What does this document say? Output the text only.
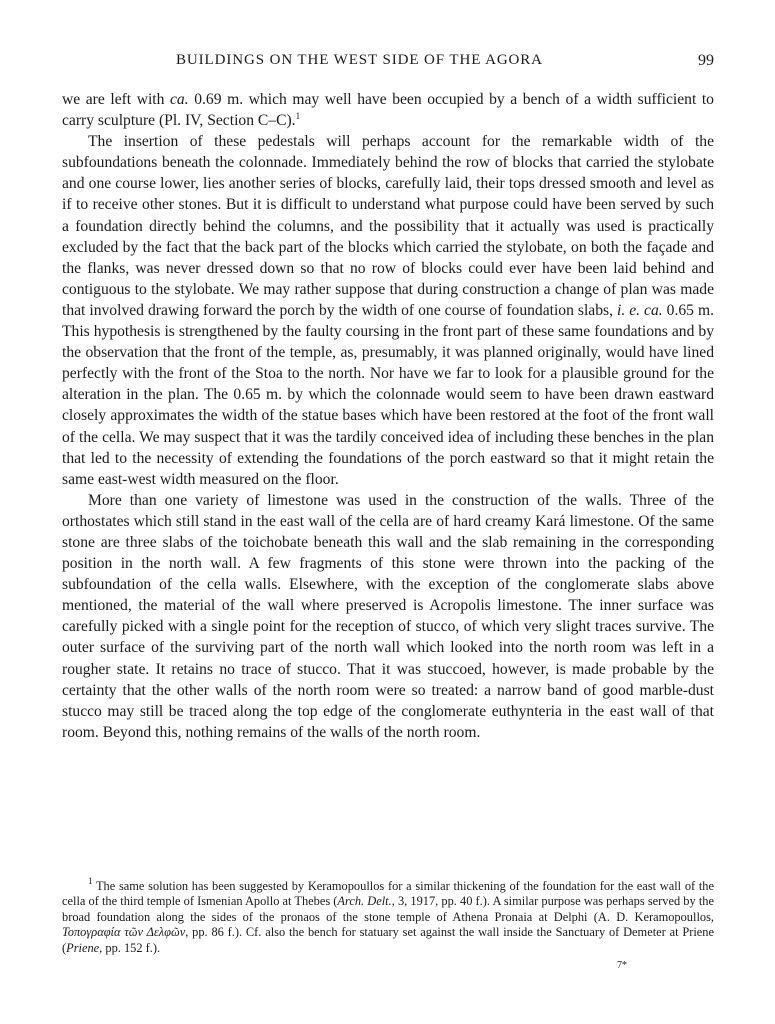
BUILDINGS ON THE WEST SIDE OF THE AGORA	99

we are left with ca. 0.69 m. which may well have been occupied by a bench of a width sufficient to carry sculpture (Pl. IV, Section C–C).$^1$

The insertion of these pedestals will perhaps account for the remarkable width of the subfoundations beneath the colonnade. Immediately behind the row of blocks that carried the stylobate and one course lower, lies another series of blocks, carefully laid, their tops dressed smooth and level as if to receive other stones. But it is difficult to understand what purpose could have been served by such a foundation directly behind the columns, and the possibility that it actually was used is practically excluded by the fact that the back part of the blocks which carried the stylobate, on both the façade and the flanks, was never dressed down so that no row of blocks could ever have been laid behind and contiguous to the stylobate. We may rather suppose that during construction a change of plan was made that involved drawing forward the porch by the width of one course of foundation slabs, i. e. ca. 0.65 m. This hypothesis is strengthened by the faulty coursing in the front part of these same foundations and by the observation that the front of the temple, as, presumably, it was planned originally, would have lined perfectly with the front of the Stoa to the north. Nor have we far to look for a plausible ground for the alteration in the plan. The 0.65 m. by which the colonnade would seem to have been drawn eastward closely approximates the width of the statue bases which have been restored at the foot of the front wall of the cella. We may suspect that it was the tardily conceived idea of including these benches in the plan that led to the necessity of extending the foundations of the porch eastward so that it might retain the same east-west width measured on the floor.

More than one variety of limestone was used in the construction of the walls. Three of the orthostates which still stand in the east wall of the cella are of hard creamy Kará limestone. Of the same stone are three slabs of the toichobate beneath this wall and the slab remaining in the corresponding position in the north wall. A few fragments of this stone were thrown into the packing of the subfoundation of the cella walls. Elsewhere, with the exception of the conglomerate slabs above mentioned, the material of the wall where preserved is Acropolis limestone. The inner surface was carefully picked with a single point for the reception of stucco, of which very slight traces survive. The outer surface of the surviving part of the north wall which looked into the north room was left in a rougher state. It retains no trace of stucco. That it was stuccoed, however, is made probable by the certainty that the other walls of the north room were so treated: a narrow band of good marble-dust stucco may still be traced along the top edge of the conglomerate euthynteria in the east wall of that room. Beyond this, nothing remains of the walls of the north room.

$^1$ The same solution has been suggested by Keramopoullos for a similar thickening of the foundation for the east wall of the cella of the third temple of Ismenian Apollo at Thebes (Arch. Delt., 3, 1917, pp. 40 f.). A similar purpose was perhaps served by the broad foundation along the sides of the pronaos of the stone temple of Athena Pronaia at Delphi (A. D. Keramopoullos, Τοπογραφία τῶν Δελφῶν, pp. 86 f.). Cf. also the bench for statuary set against the wall inside the Sanctuary of Demeter at Priene (Priene, pp. 152 f.).

7*
